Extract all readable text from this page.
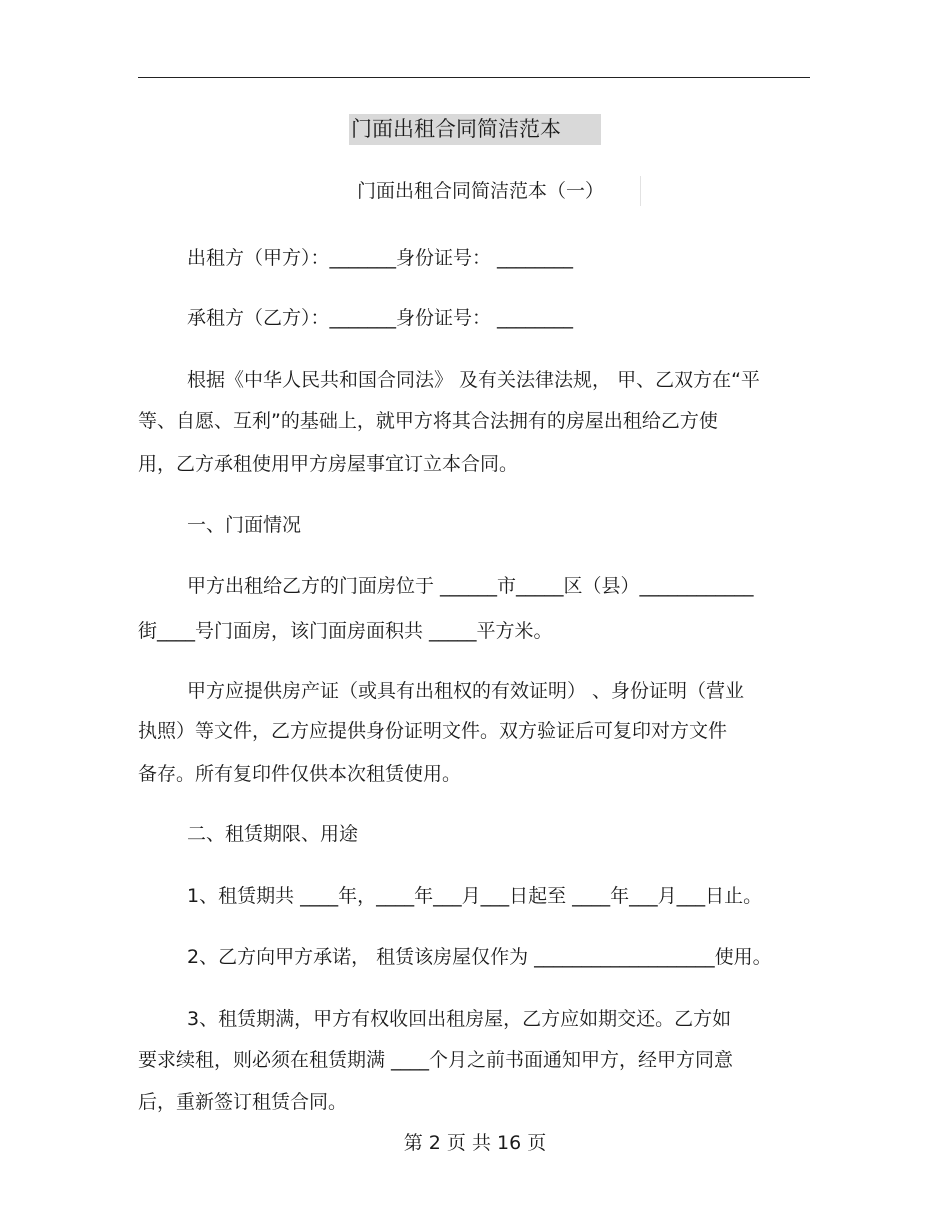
门面出租合同简洁范本
门面出租合同简洁范本（一）
出租方（甲方）：_______身份证号： ________
承租方（乙方）：_______身份证号： ________
根据《中华人民共和国合同法》 及有关法律法规， 甲、乙双方在“平
等、自愿、互利”的基础上，就甲方将其合法拥有的房屋出租给乙方使
用，乙方承租使用甲方房屋事宜订立本合同。
一、门面情况
甲方出租给乙方的门面房位于 ______市_____区（县）____________
街____号门面房，该门面房面积共 _____平方米。
甲方应提供房产证（或具有出租权的有效证明） 、身份证明（营业
执照）等文件，乙方应提供身份证明文件。双方验证后可复印对方文件
备存。所有复印件仅供本次租赁使用。
二、租赁期限、用途
1、租赁期共 ____年，____年___月___日起至 ____年___月___日止。
2、乙方向甲方承诺， 租赁该房屋仅作为 ___________________使用。
3、租赁期满，甲方有权收回出租房屋，乙方应如期交还。乙方如
要求续租，则必须在租赁期满 ____个月之前书面通知甲方，经甲方同意
后，重新签订租赁合同。
第 2 页 共 16 页
